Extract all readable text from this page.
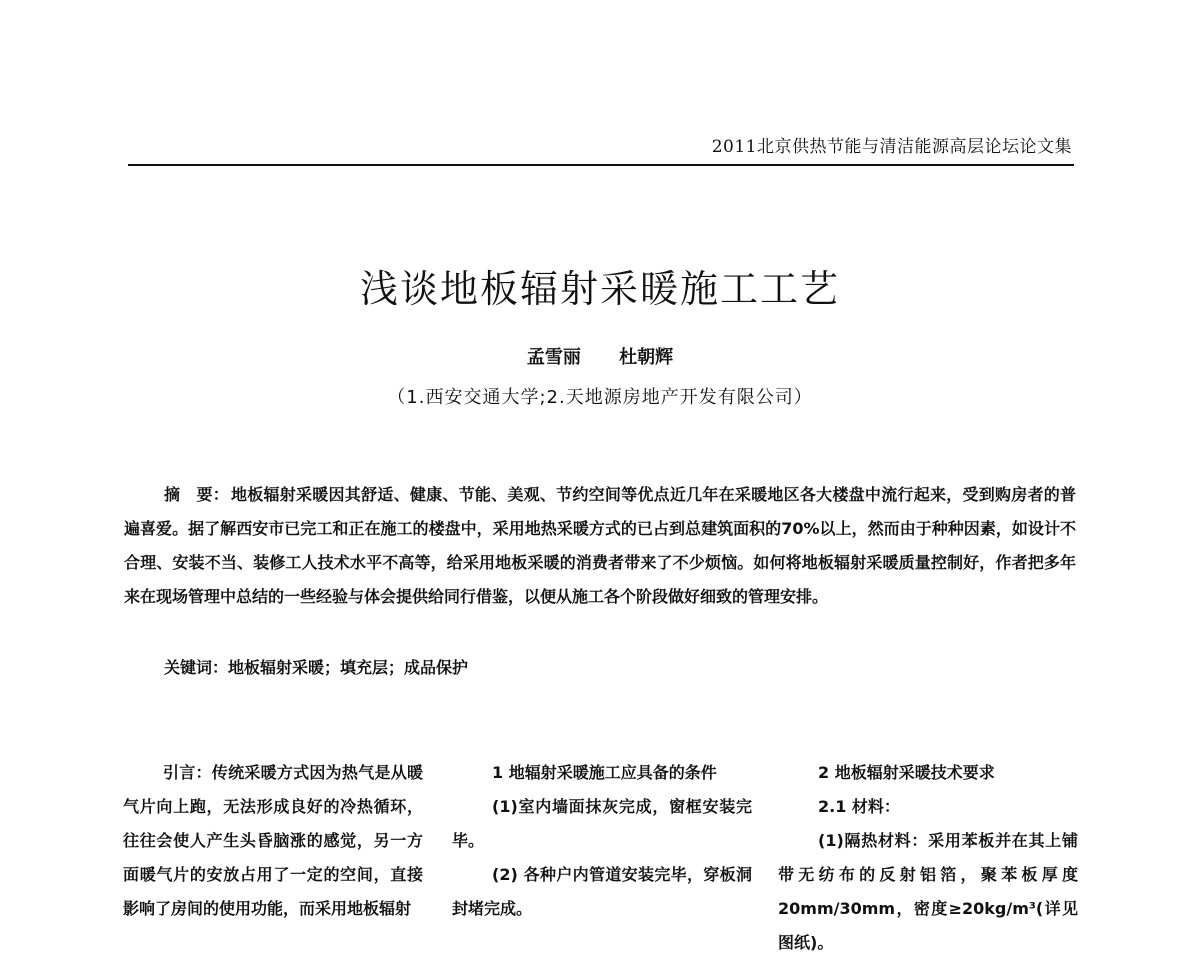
2011北京供热节能与清洁能源高层论坛论文集
浅谈地板辐射采暖施工工艺
孟雪丽 杜朝辉
（1.西安交通大学;2.天地源房地产开发有限公司）

摘　要： 地板辐射采暖因其舒适、健康、节能、美观、节约空间等优点近几年在采暖地区各大楼盘中流行起来，受到购房者的普遍喜爱。据了解西安市已完工和正在施工的楼盘中，采用地热采暖方式的已占到总建筑面积的70%以上，然而由于种种因素，如设计不合理、安装不当、装修工人技术水平不高等，给采用地板采暖的消费者带来了不少烦恼。如何将地板辐射采暖质量控制好，作者把多年来在现场管理中总结的一些经验与体会提供给同行借鉴，以便从施工各个阶段做好细致的管理安排。

关键词：地板辐射采暖；填充层；成品保护

引言：传统采暖方式因为热气是从暖气片向上跑，无法形成良好的冷热循环，往往会使人产生头昏脑涨的感觉，另一方面暖气片的安放占用了一定的空间，直接影响了房间的使用功能，而采用地板辐射

1 地辐射采暖施工应具备的条件

(1)室内墙面抹灰完成，窗框安装完毕。

(2) 各种户内管道安装完毕，穿板洞封堵完成。

2 地板辐射采暖技术要求

2.1 材料：

(1)隔热材料：采用苯板并在其上铺带无纺布的反射铝箔，聚苯板厚度 20mm/30mm，密度≥20kg/m³(详见图纸)。
